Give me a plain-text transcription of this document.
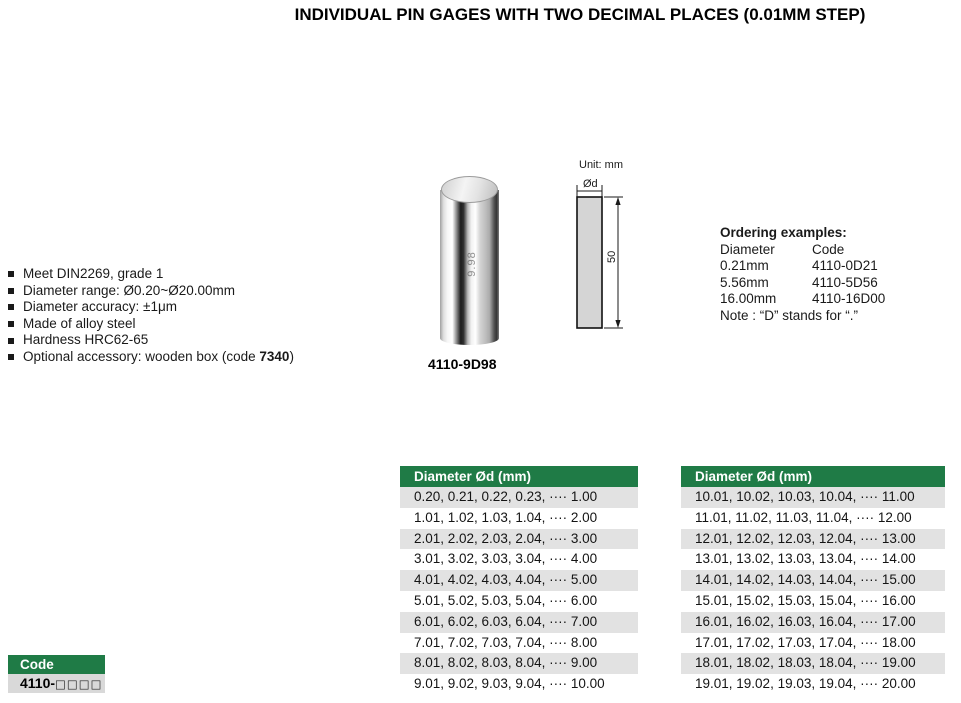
INDIVIDUAL PIN GAGES WITH TWO DECIMAL PLACES (0.01MM STEP)
Meet DIN2269, grade 1
Diameter range: Ø0.20~Ø20.00mm
Diameter accuracy: ±1μm
Made of alloy steel
Hardness HRC62-65
Optional accessory: wooden box (code 7340)
9.98
4110-9D98
Unit: mm
Ød
50
Ordering examples:
Diameter	Code
0.21mm	4110-0D21
5.56mm	4110-5D56
16.00mm	4110-16D00
Note : “D” stands for “.”
Diameter Ød (mm)
0.20, 0.21, 0.22, 0.23, ···· 1.00
1.01, 1.02, 1.03, 1.04, ···· 2.00
2.01, 2.02, 2.03, 2.04, ···· 3.00
3.01, 3.02, 3.03, 3.04, ···· 4.00
4.01, 4.02, 4.03, 4.04, ···· 5.00
5.01, 5.02, 5.03, 5.04, ···· 6.00
6.01, 6.02, 6.03, 6.04, ···· 7.00
7.01, 7.02, 7.03, 7.04, ···· 8.00
8.01, 8.02, 8.03, 8.04, ···· 9.00
9.01, 9.02, 9.03, 9.04, ···· 10.00
Diameter Ød (mm)
10.01, 10.02, 10.03, 10.04, ···· 11.00
11.01, 11.02, 11.03, 11.04, ···· 12.00
12.01, 12.02, 12.03, 12.04, ···· 13.00
13.01, 13.02, 13.03, 13.04, ···· 14.00
14.01, 14.02, 14.03, 14.04, ···· 15.00
15.01, 15.02, 15.03, 15.04, ···· 16.00
16.01, 16.02, 16.03, 16.04, ···· 17.00
17.01, 17.02, 17.03, 17.04, ···· 18.00
18.01, 18.02, 18.03, 18.04, ···· 19.00
19.01, 19.02, 19.03, 19.04, ···· 20.00
Code
4110-□□□□
